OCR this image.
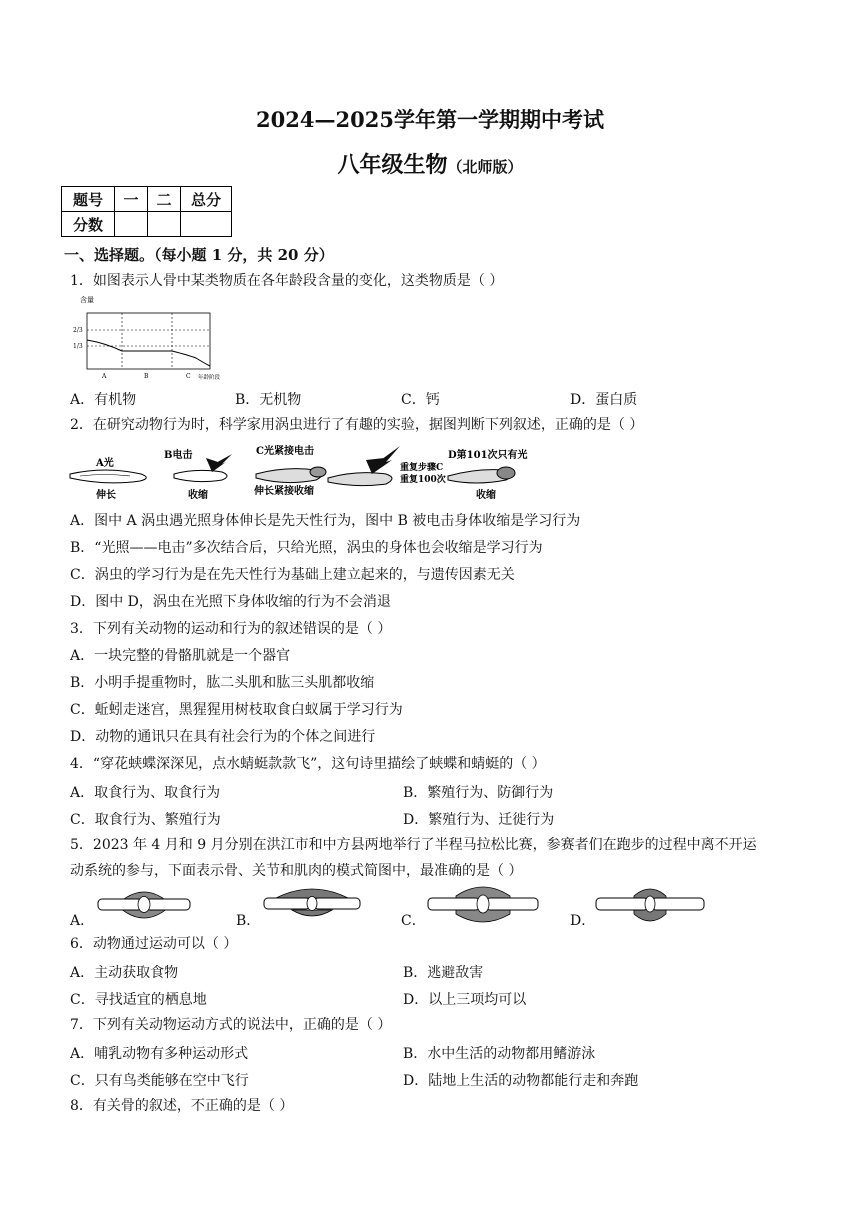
2024—2025学年第一学期期中考试
八年级生物（北师版）
题号	一	二	总分
分数			
一、选择题。（每小题 1 分，共 20 分）
1．如图表示人骨中某类物质在各年龄段含量的变化，这类物质是（ ）
含量
2/3
1/3
A	B	C 年龄阶段
A．有机物	B．无机物	C．钙	D．蛋白质
2．在研究动物行为时，科学家用涡虫进行了有趣的实验，据图判断下列叙述，正确的是（ ）
A光
伸长
B电击
收缩
C光紧接电击
伸长紧接收缩
重复步骤C
重复100次
D第101次只有光
收缩
A．图中 A 涡虫遇光照身体伸长是先天性行为，图中 B 被电击身体收缩是学习行为
B．“光照——电击”多次结合后，只给光照，涡虫的身体也会收缩是学习行为
C．涡虫的学习行为是在先天性行为基础上建立起来的，与遗传因素无关
D．图中 D，涡虫在光照下身体收缩的行为不会消退
3．下列有关动物的运动和行为的叙述错误的是（ ）
A．一块完整的骨骼肌就是一个器官
B．小明手提重物时，肱二头肌和肱三头肌都收缩
C．蚯蚓走迷宫，黑猩猩用树枝取食白蚁属于学习行为
D．动物的通讯只在具有社会行为的个体之间进行
4．“穿花蛱蝶深深见，点水蜻蜓款款飞”，这句诗里描绘了蛱蝶和蜻蜓的（ ）
A．取食行为、取食行为	B．繁殖行为、防御行为
C．取食行为、繁殖行为	D．繁殖行为、迁徙行为
5．2023 年 4 月和 9 月分别在洪江市和中方县两地举行了半程马拉松比赛，参赛者们在跑步的过程中离不开运
动系统的参与，下面表示骨、关节和肌肉的模式简图中，最准确的是（ ）
A．	B．	C．	D．
6．动物通过运动可以（ ）
A．主动获取食物	B．逃避敌害
C．寻找适宜的栖息地	D．以上三项均可以
7．下列有关动物运动方式的说法中，正确的是（ ）
A．哺乳动物有多种运动形式	B．水中生活的动物都用鳍游泳
C．只有鸟类能够在空中飞行	D．陆地上生活的动物都能行走和奔跑
8．有关骨的叙述，不正确的是（ ）
